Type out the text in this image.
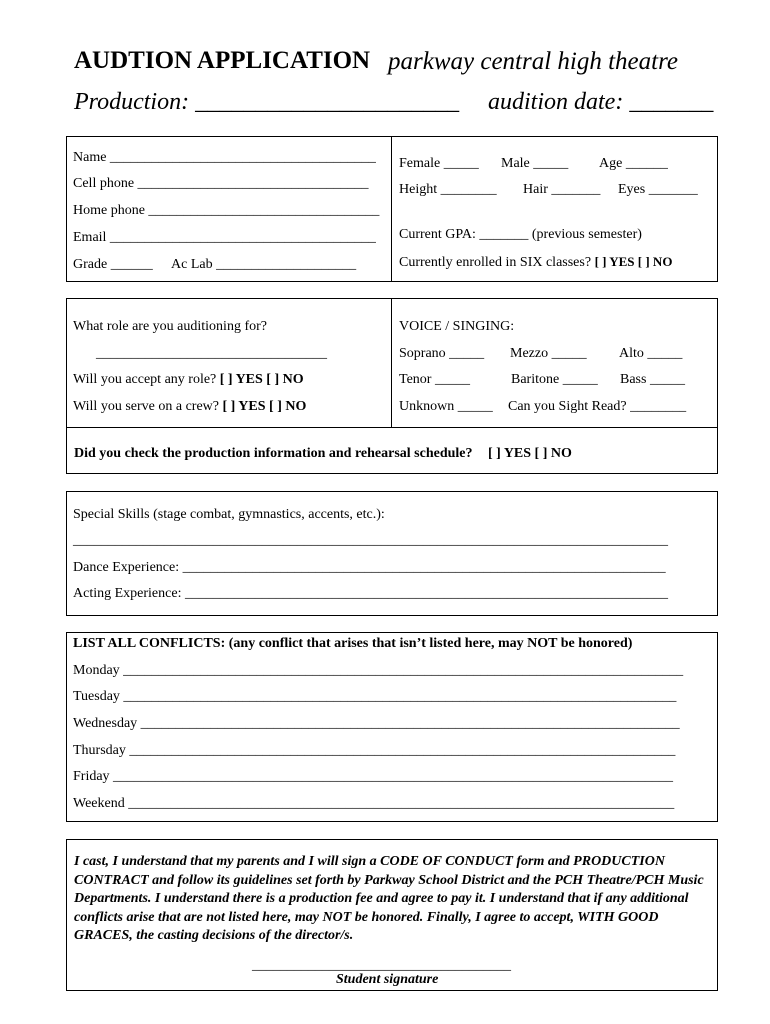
AUDTION APPLICATION parkway central high theatre
Production: ______________________ audition date: _______
Name ______________________________________
Cell phone _________________________________
Home phone _________________________________
Email ______________________________________
Grade ______ Ac Lab ____________________
Female _____ Male _____ Age ______
Height ________ Hair _______ Eyes _______
Current GPA: _______ (previous semester)
Currently enrolled in SIX classes? [ ] YES [ ] NO
What role are you auditioning for?
_________________________________
Will you accept any role? [ ] YES [ ] NO
Will you serve on a crew? [ ] YES [ ] NO
VOICE / SINGING:
Soprano _____ Mezzo _____ Alto _____
Tenor _____	Baritone _____ Bass _____
Unknown _____ Can you Sight Read? ________
Did you check the production information and rehearsal schedule? [ ] YES [ ] NO
Special Skills (stage combat, gymnastics, accents, etc.):
_____________________________________________________________________________________
Dance Experience: _____________________________________________________________________
Acting Experience: _____________________________________________________________________
LIST ALL CONFLICTS: (any conflict that arises that isn’t listed here, may NOT be honored)
Monday ________________________________________________________________________________
Tuesday _______________________________________________________________________________
Wednesday _____________________________________________________________________________
Thursday ______________________________________________________________________________
Friday ________________________________________________________________________________
Weekend ______________________________________________________________________________
I cast, I understand that my parents and I will sign a CODE OF CONDUCT form and PRODUCTION CONTRACT and follow its guidelines set forth by Parkway School District and the PCH Theatre/PCH Music Departments. I understand there is a production fee and agree to pay it. I understand that if any additional conflicts arise that are not listed here, may NOT be honored. Finally, I agree to accept, WITH GOOD GRACES, the casting decisions of the director/s.
_____________________________________
Student signature
